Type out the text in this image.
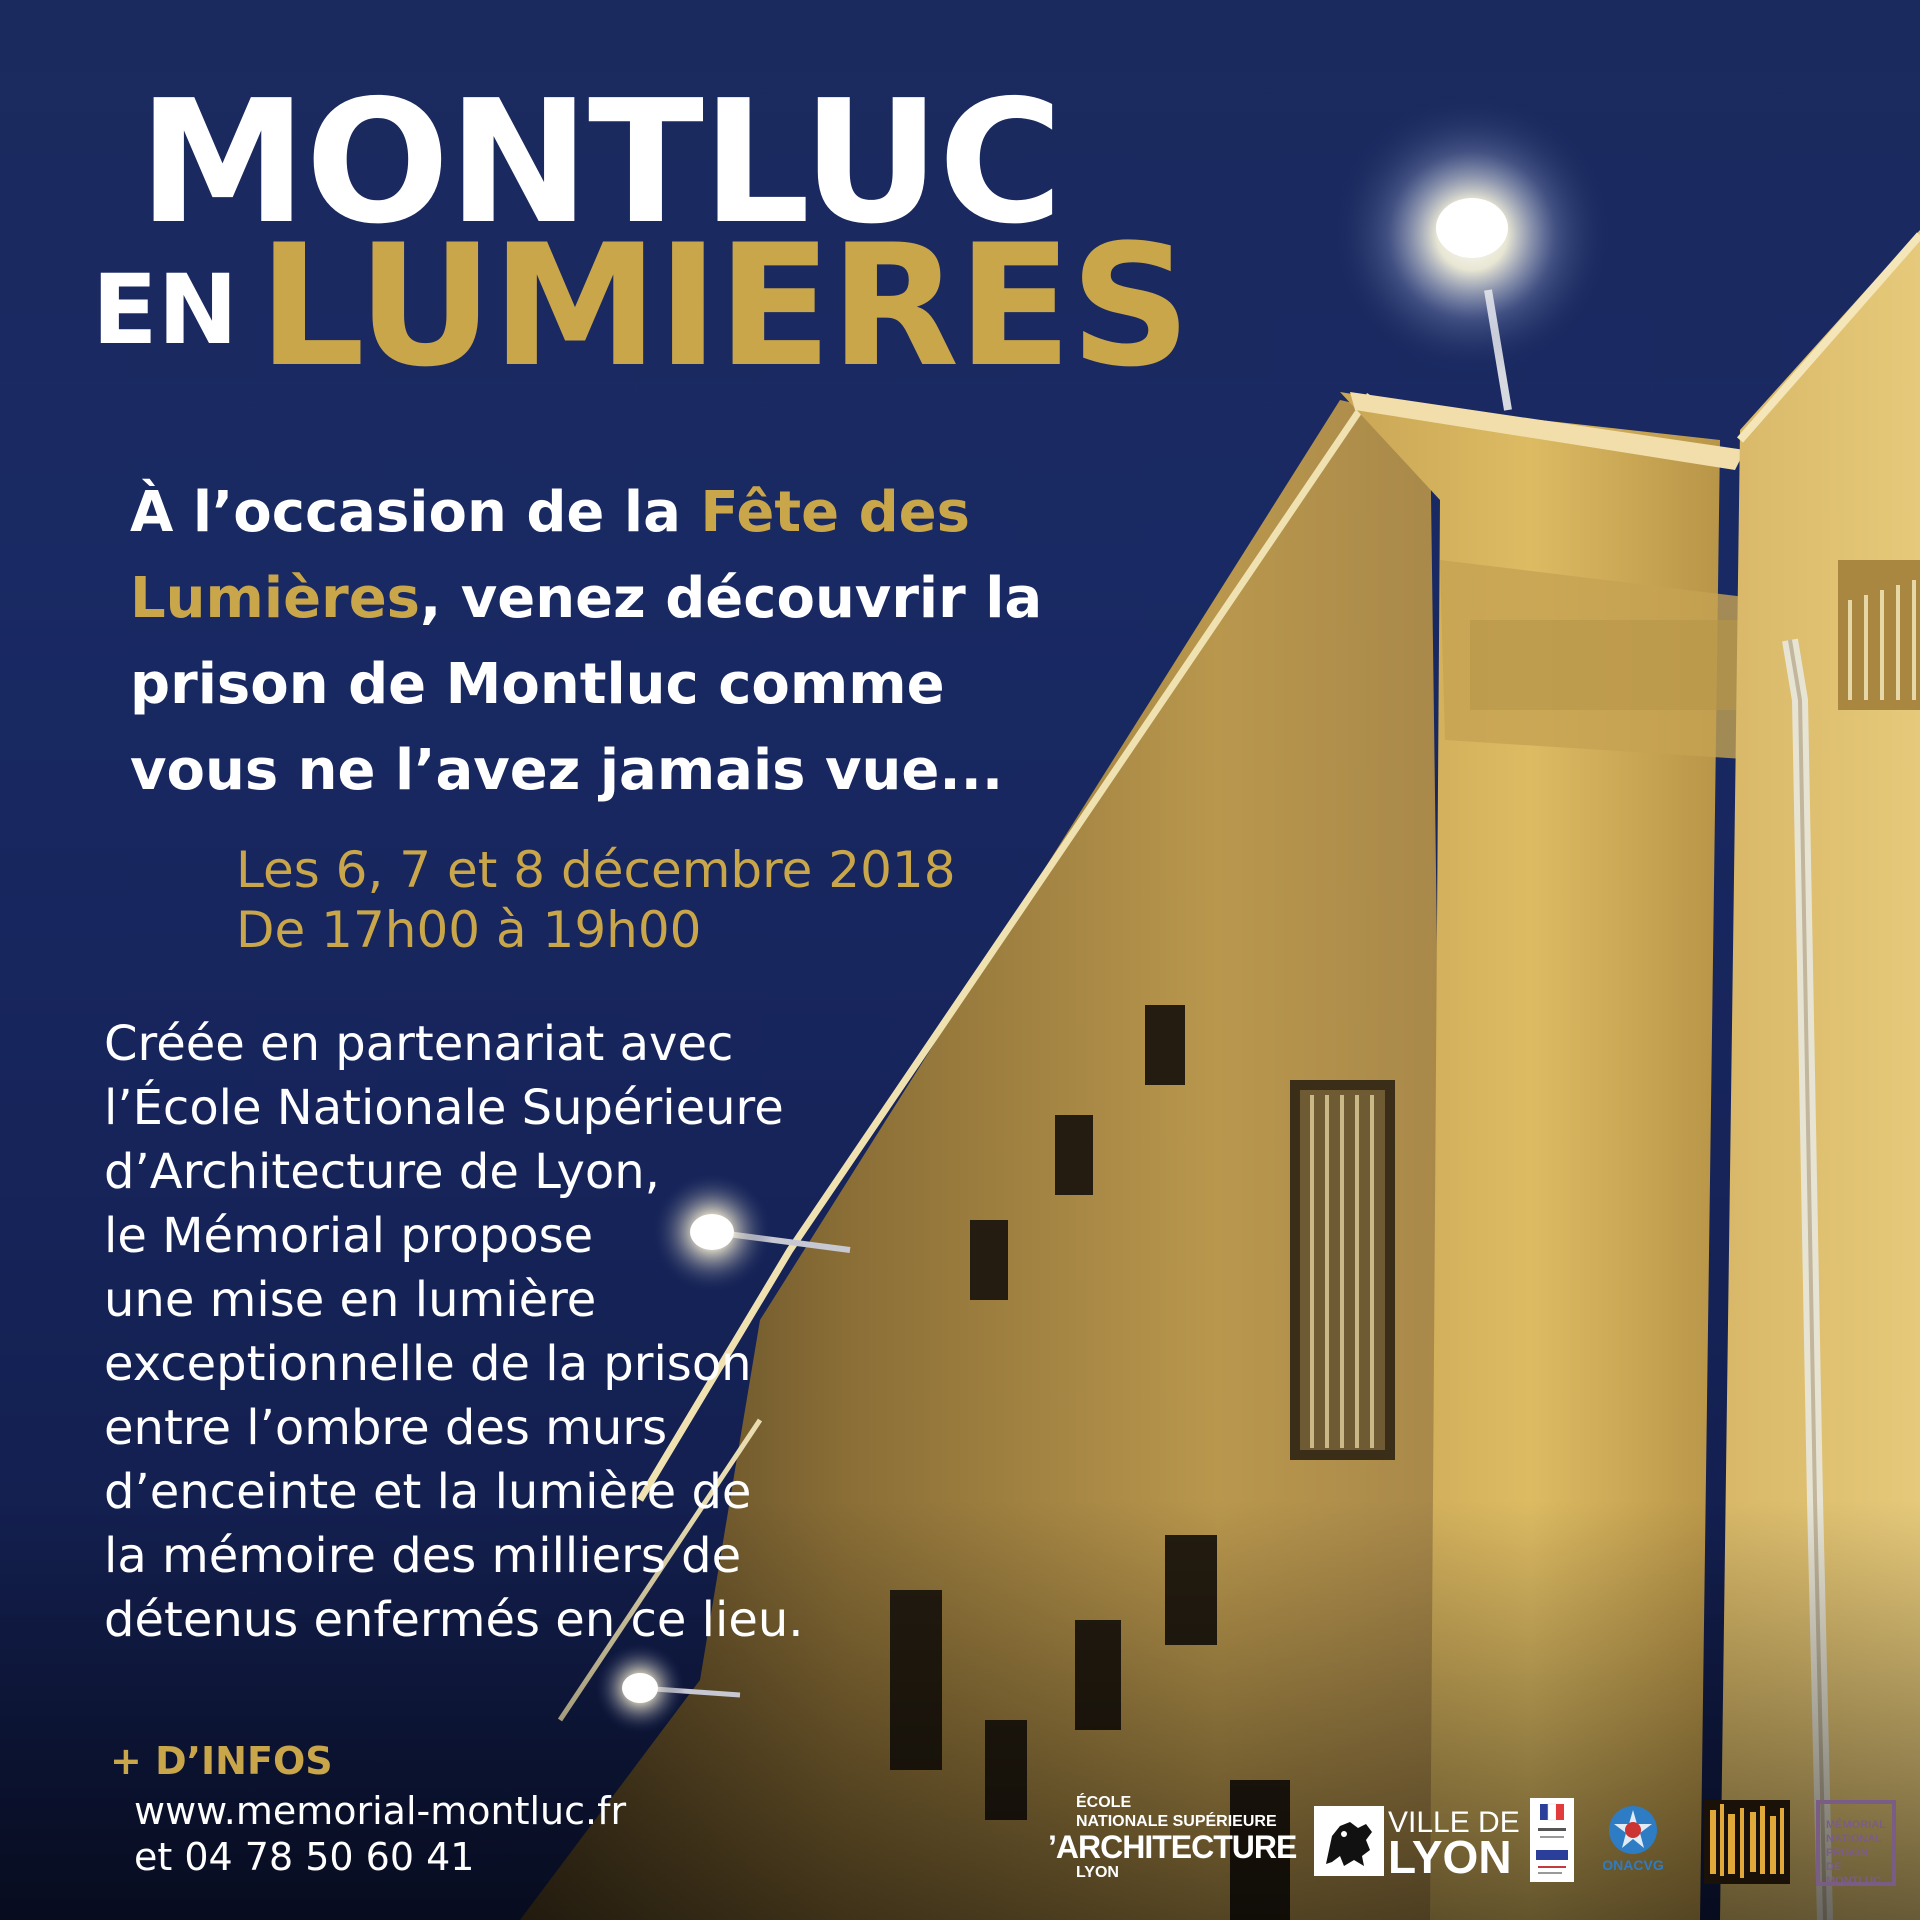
MONTLUC
EN LUMIERES

À l’occasion de la Fête des Lumières, venez découvrir la prison de Montluc comme vous ne l’avez jamais vue...

Les 6, 7 et 8 décembre 2018
De 17h00 à 19h00
Créée en partenariat avec
l’École Nationale Supérieure
d’Architecture de Lyon,
le Mémorial propose
une mise en lumière
exceptionnelle de la prison
entre l’ombre des murs
d’enceinte et la lumière de
la mémoire des milliers de
détenus enfermés en ce lieu.
+ D’INFOS
www.memorial-montluc.fr
et 04 78 50 60 41
ÉCOLE
NATIONALE SUPÉRIEURE
’ARCHITECTURE
LYON
VILLE DE
LYON	ONACVG
MÉMORIAL
NATIONAL
PRISON
DE MONTLUC
